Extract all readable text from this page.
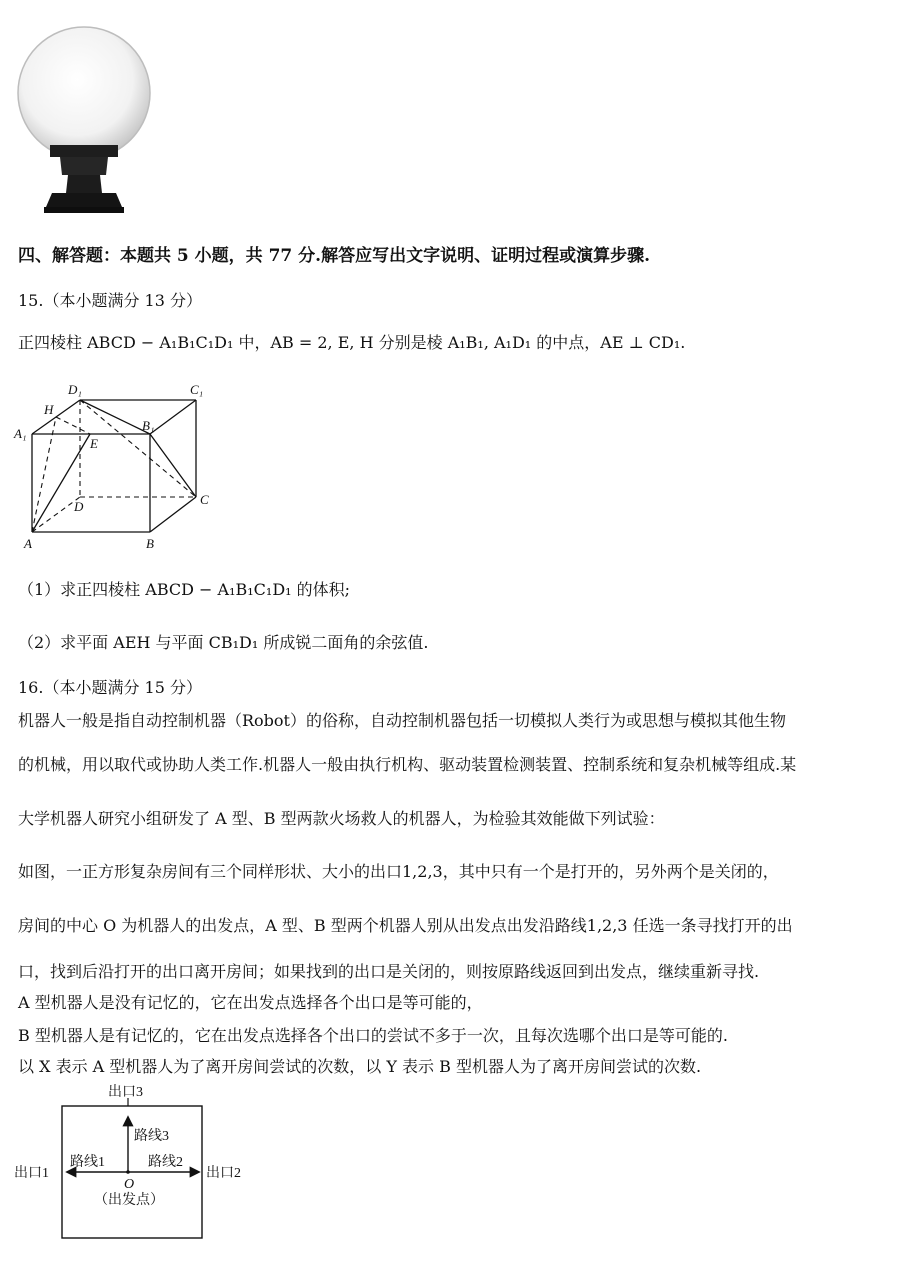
四、解答题：本题共 5 小题，共 77 分.解答应写出文字说明、证明过程或演算步骤.
15.（本小题满分 13 分）
正四棱柱 ABCD − A₁B₁C₁D₁ 中，AB = 2, E, H 分别是棱 A₁B₁, A₁D₁ 的中点，AE ⊥ CD₁.
D₁	C₁
H
B₁
A₁
E
D	C
A	B
（1）求正四棱柱 ABCD − A₁B₁C₁D₁ 的体积;
（2）求平面 AEH 与平面 CB₁D₁ 所成锐二面角的余弦值.
16.（本小题满分 15 分）
机器人一般是指自动控制机器（Robot）的俗称，自动控制机器包括一切模拟人类行为或思想与模拟其他生物
的机械，用以取代或协助人类工作.机器人一般由执行机构、驱动装置检测装置、控制系统和复杂机械等组成.某
大学机器人研究小组研发了 A 型、B 型两款火场救人的机器人，为检验其效能做下列试验：
如图，一正方形复杂房间有三个同样形状、大小的出口1,2,3，其中只有一个是打开的，另外两个是关闭的，
房间的中心 O 为机器人的出发点，A 型、B 型两个机器人别从出发点出发沿路线1,2,3 任选一条寻找打开的出
口，找到后沿打开的出口离开房间；如果找到的出口是关闭的，则按原路线返回到出发点，继续重新寻找.
A 型机器人是没有记忆的，它在出发点选择各个出口是等可能的，
B 型机器人是有记忆的，它在出发点选择各个出口的尝试不多于一次，且每次选哪个出口是等可能的.
以 X 表示 A 型机器人为了离开房间尝试的次数，以 Y 表示 B 型机器人为了离开房间尝试的次数.
出口3
出口1	出口2
路线1	路线2
路线3
O
（出发点）
